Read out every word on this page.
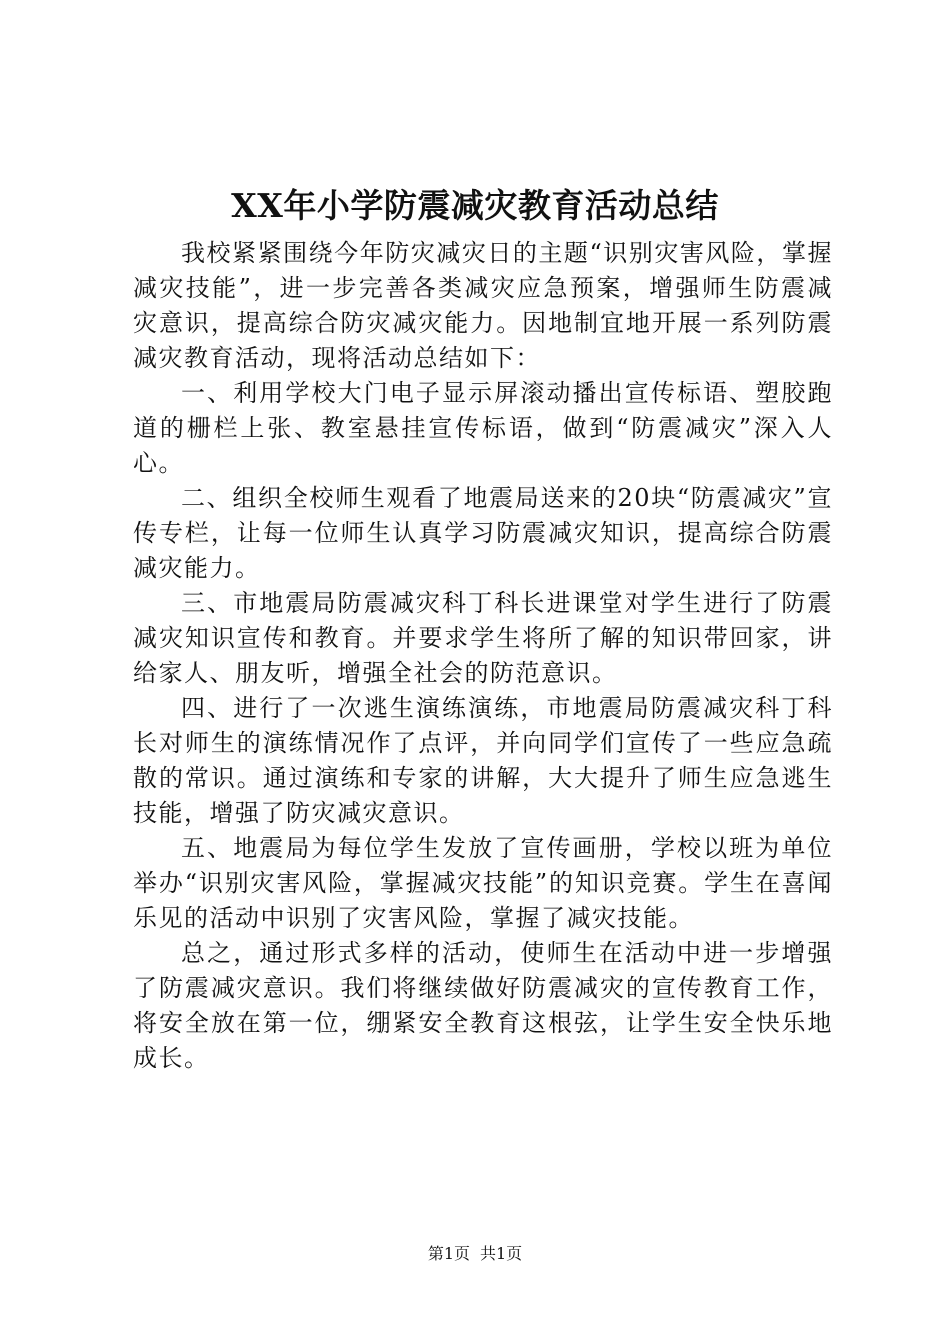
XX年小学防震减灾教育活动总结

我校紧紧围绕今年防灾减灾日的主题“识别灾害风险，掌握减灾技能”，进一步完善各类减灾应急预案，增强师生防震减灾意识，提高综合防灾减灾能力。因地制宜地开展一系列防震减灾教育活动，现将活动总结如下：

一、利用学校大门电子显示屏滚动播出宣传标语、塑胶跑道的栅栏上张、教室悬挂宣传标语，做到“防震减灾”深入人心。

二、组织全校师生观看了地震局送来的20块“防震减灾”宣传专栏，让每一位师生认真学习防震减灾知识，提高综合防震减灾能力。

三、市地震局防震减灾科丁科长进课堂对学生进行了防震减灾知识宣传和教育。并要求学生将所了解的知识带回家，讲给家人、朋友听，增强全社会的防范意识。

四、进行了一次逃生演练演练，市地震局防震减灾科丁科长对师生的演练情况作了点评，并向同学们宣传了一些应急疏散的常识。通过演练和专家的讲解，大大提升了师生应急逃生技能，增强了防灾减灾意识。

五、地震局为每位学生发放了宣传画册，学校以班为单位举办“识别灾害风险，掌握减灾技能”的知识竞赛。学生在喜闻乐见的活动中识别了灾害风险，掌握了减灾技能。

总之，通过形式多样的活动，使师生在活动中进一步增强了防震减灾意识。我们将继续做好防震减灾的宣传教育工作，将安全放在第一位，绷紧安全教育这根弦，让学生安全快乐地成长。

第1页 共1页
